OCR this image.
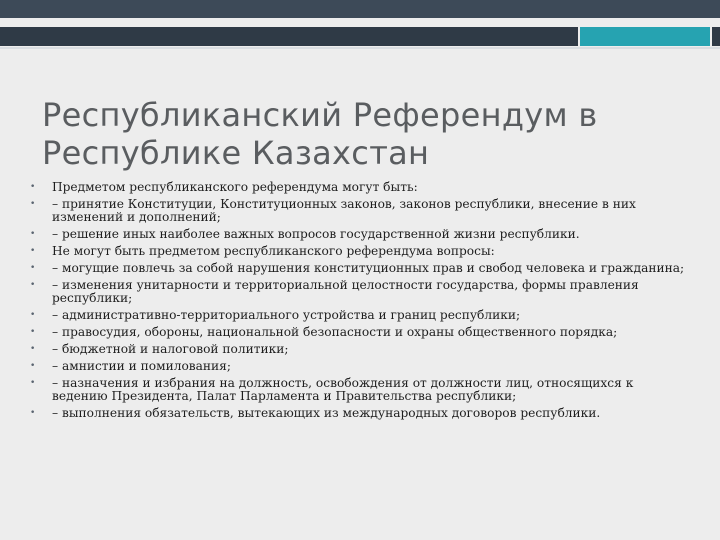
Республиканский Референдум в Республике Казахстан
• Предметом республиканского референдума могут быть:
• – принятие Конституции, Конституционных законов, законов республики, внесение в них изменений и дополнений;
• – решение иных наиболее важных вопросов государственной жизни республики.
• Не могут быть предметом республиканского референдума вопросы:
• – могущие повлечь за собой нарушения конституционных прав и свобод человека и гражданина;
• – изменения унитарности и территориальной целостности государства, формы правления республики;
• – административно-территориального устройства и границ республики;
• – правосудия, обороны, национальной безопасности и охраны общественного порядка;
• – бюджетной и налоговой политики;
• – амнистии и помилования;
• – назначения и избрания на должность, освобождения от должности лиц, относящихся к ведению Президента, Палат Парламента и Правительства республики;
• – выполнения обязательств, вытекающих из международных договоров республики.
